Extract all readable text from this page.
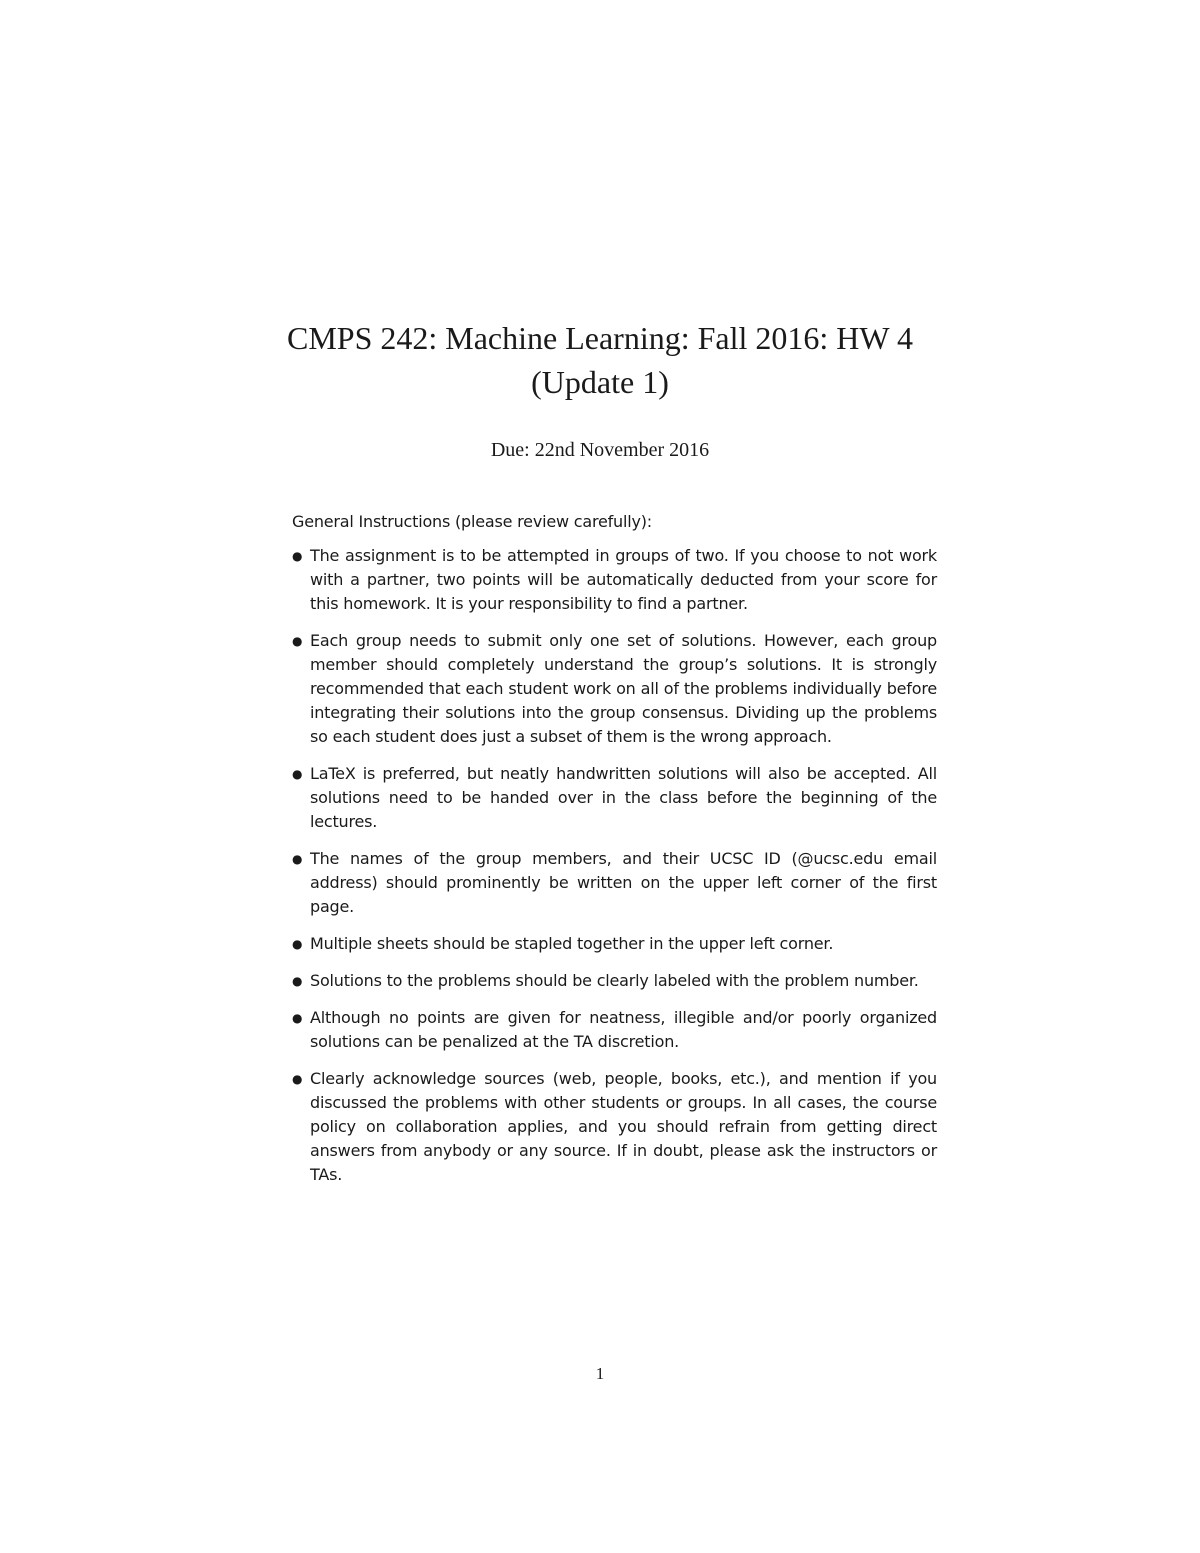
CMPS 242: Machine Learning: Fall 2016: HW 4
(Update 1)

Due: 22nd November 2016

General Instructions (please review carefully):

● The assignment is to be attempted in groups of two. If you choose to not work with a partner, two points will be automatically deducted from your score for this homework. It is your responsibility to find a partner.
● Each group needs to submit only one set of solutions. However, each group member should completely understand the group’s solutions. It is strongly recommended that each student work on all of the problems individually before integrating their solutions into the group consensus. Dividing up the problems so each student does just a subset of them is the wrong approach.
● LaTeX is preferred, but neatly handwritten solutions will also be accepted. All solutions need to be handed over in the class before the beginning of the lectures.
● The names of the group members, and their UCSC ID (@ucsc.edu email address) should prominently be written on the upper left corner of the first page.
● Multiple sheets should be stapled together in the upper left corner.
● Solutions to the problems should be clearly labeled with the problem number.
● Although no points are given for neatness, illegible and/or poorly organized solutions can be penalized at the TA discretion.
● Clearly acknowledge sources (web, people, books, etc.), and mention if you discussed the problems with other students or groups. In all cases, the course policy on collaboration applies, and you should refrain from getting direct answers from anybody or any source. If in doubt, please ask the instructors or TAs.
1
